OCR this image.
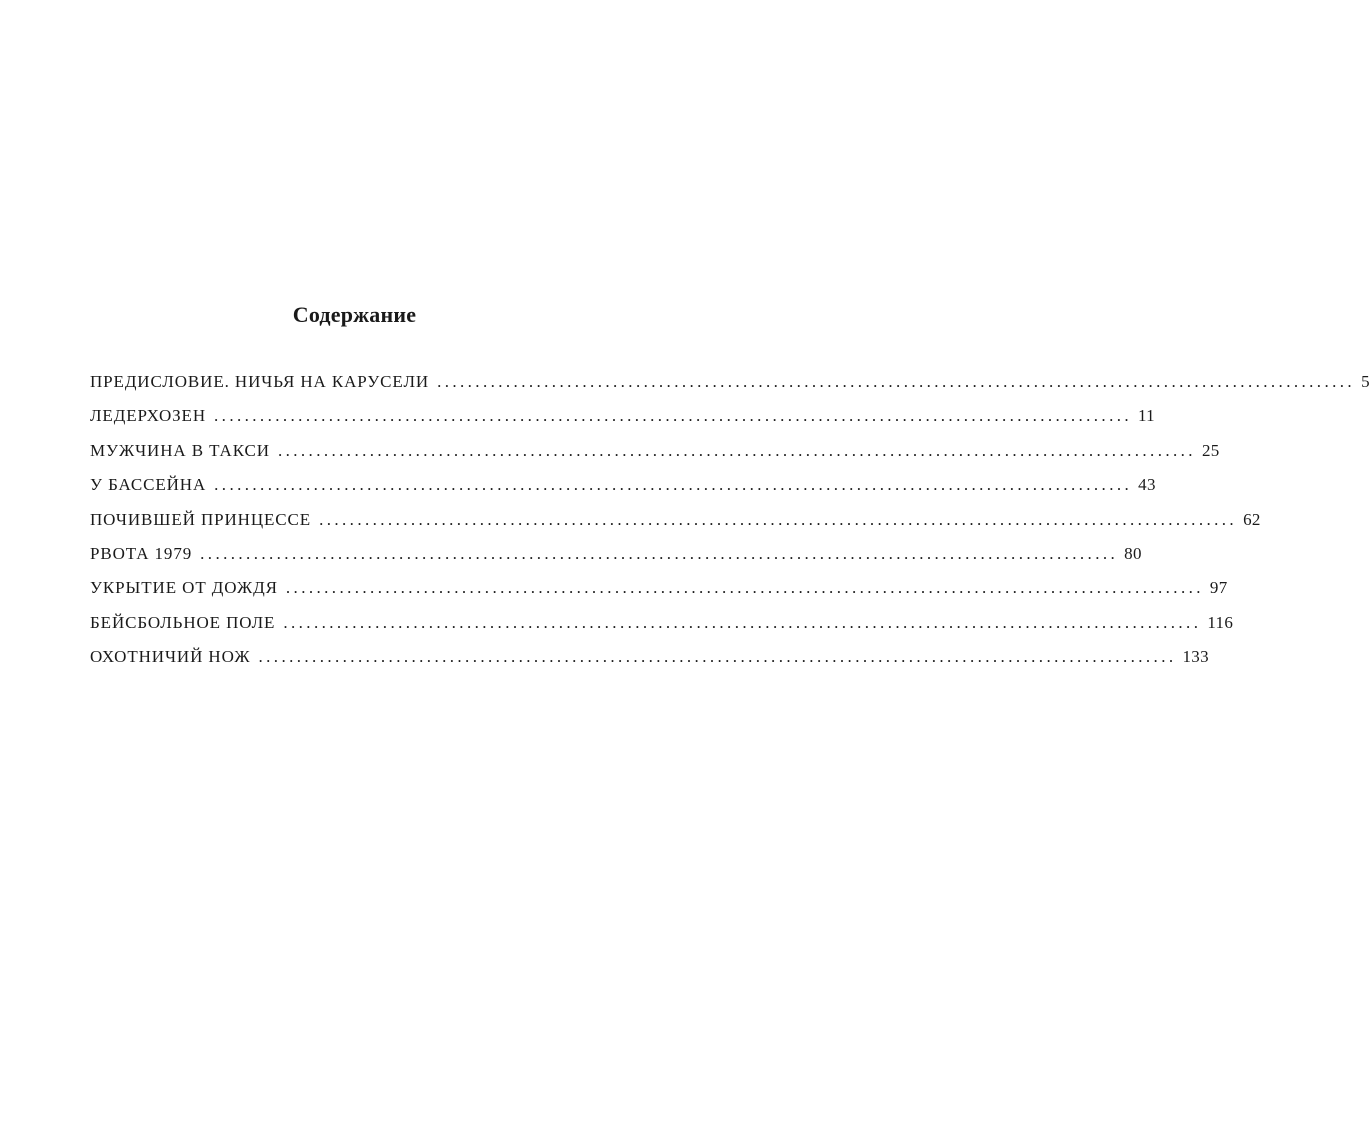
Содержание
ПРЕДИСЛОВИЕ. НИЧЬЯ НА КАРУСЕЛИ ........................................................................................................................ 5
ЛЕДЕРХОЗЕН ........................................................................................................................ 11
МУЖЧИНА В ТАКСИ ........................................................................................................................ 25
У БАССЕЙНА ........................................................................................................................ 43
ПОЧИВШЕЙ ПРИНЦЕССЕ ........................................................................................................................ 62
РВОТА 1979 ........................................................................................................................ 80
УКРЫТИЕ ОТ ДОЖДЯ ........................................................................................................................ 97
БЕЙСБОЛЬНОЕ ПОЛЕ ........................................................................................................................ 116
ОХОТНИЧИЙ НОЖ ........................................................................................................................ 133
